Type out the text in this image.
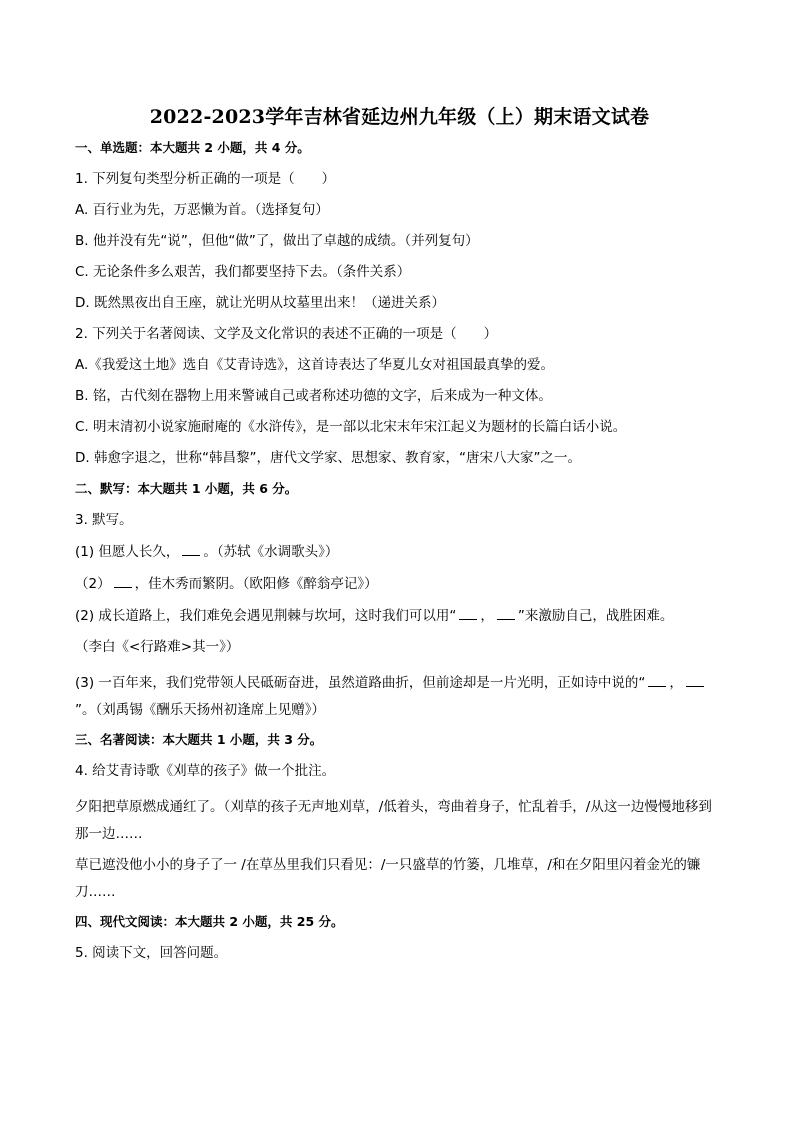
2022-2023学年吉林省延边州九年级（上）期末语文试卷
一、单选题：本大题共 2 小题，共 4 分。
1. 下列复句类型分析正确的一项是（　　）
A. 百行业为先，万恶懒为首。（选择复句）
B. 他并没有先“说”，但他“做”了，做出了卓越的成绩。（并列复句）
C. 无论条件多么艰苦，我们都要坚持下去。（条件关系）
D. 既然黑夜出自王座，就让光明从坟墓里出来！（递进关系）
2. 下列关于名著阅读、文学及文化常识的表述不正确的一项是（　　）
A.《我爱这土地》选自《艾青诗选》，这首诗表达了华夏儿女对祖国最真挚的爱。
B. 铭，古代刻在器物上用来警诫自己或者称述功德的文字，后来成为一种文体。
C. 明末清初小说家施耐庵的《水浒传》，是一部以北宋末年宋江起义为题材的长篇白话小说。
D. 韩愈字退之，世称“韩昌黎”，唐代文学家、思想家、教育家，“唐宋八大家”之一。
二、默写：本大题共 1 小题，共 6 分。
3. 默写。
(1) 但愿人长久， 。（苏轼《水调歌头》）
（2） ，佳木秀而繁阴。（欧阳修《醉翁亭记》）
(2) 成长道路上，我们难免会遇见荆棘与坎坷，这时我们可以用“ ， ”来激励自己，战胜困难。
（李白《<行路难>其一》）
(3) 一百年来，我们党带领人民砥砺奋进，虽然道路曲折，但前途却是一片光明，正如诗中说的“ ，”。（刘禹锡《酬乐天扬州初逢席上见赠》）
三、名著阅读：本大题共 1 小题，共 3 分。
4. 给艾青诗歌《刈草的孩子》做一个批注。
夕阳把草原燃成通红了。（刈草的孩子无声地刈草，/低着头，弯曲着身子，忙乱着手，/从这一边慢慢地移到那一边……
草已遮没他小小的身子了一 /在草丛里我们只看见：/一只盛草的竹篓，几堆草，/和在夕阳里闪着金光的镰刀……
四、现代文阅读：本大题共 2 小题，共 25 分。
5. 阅读下文，回答问题。
